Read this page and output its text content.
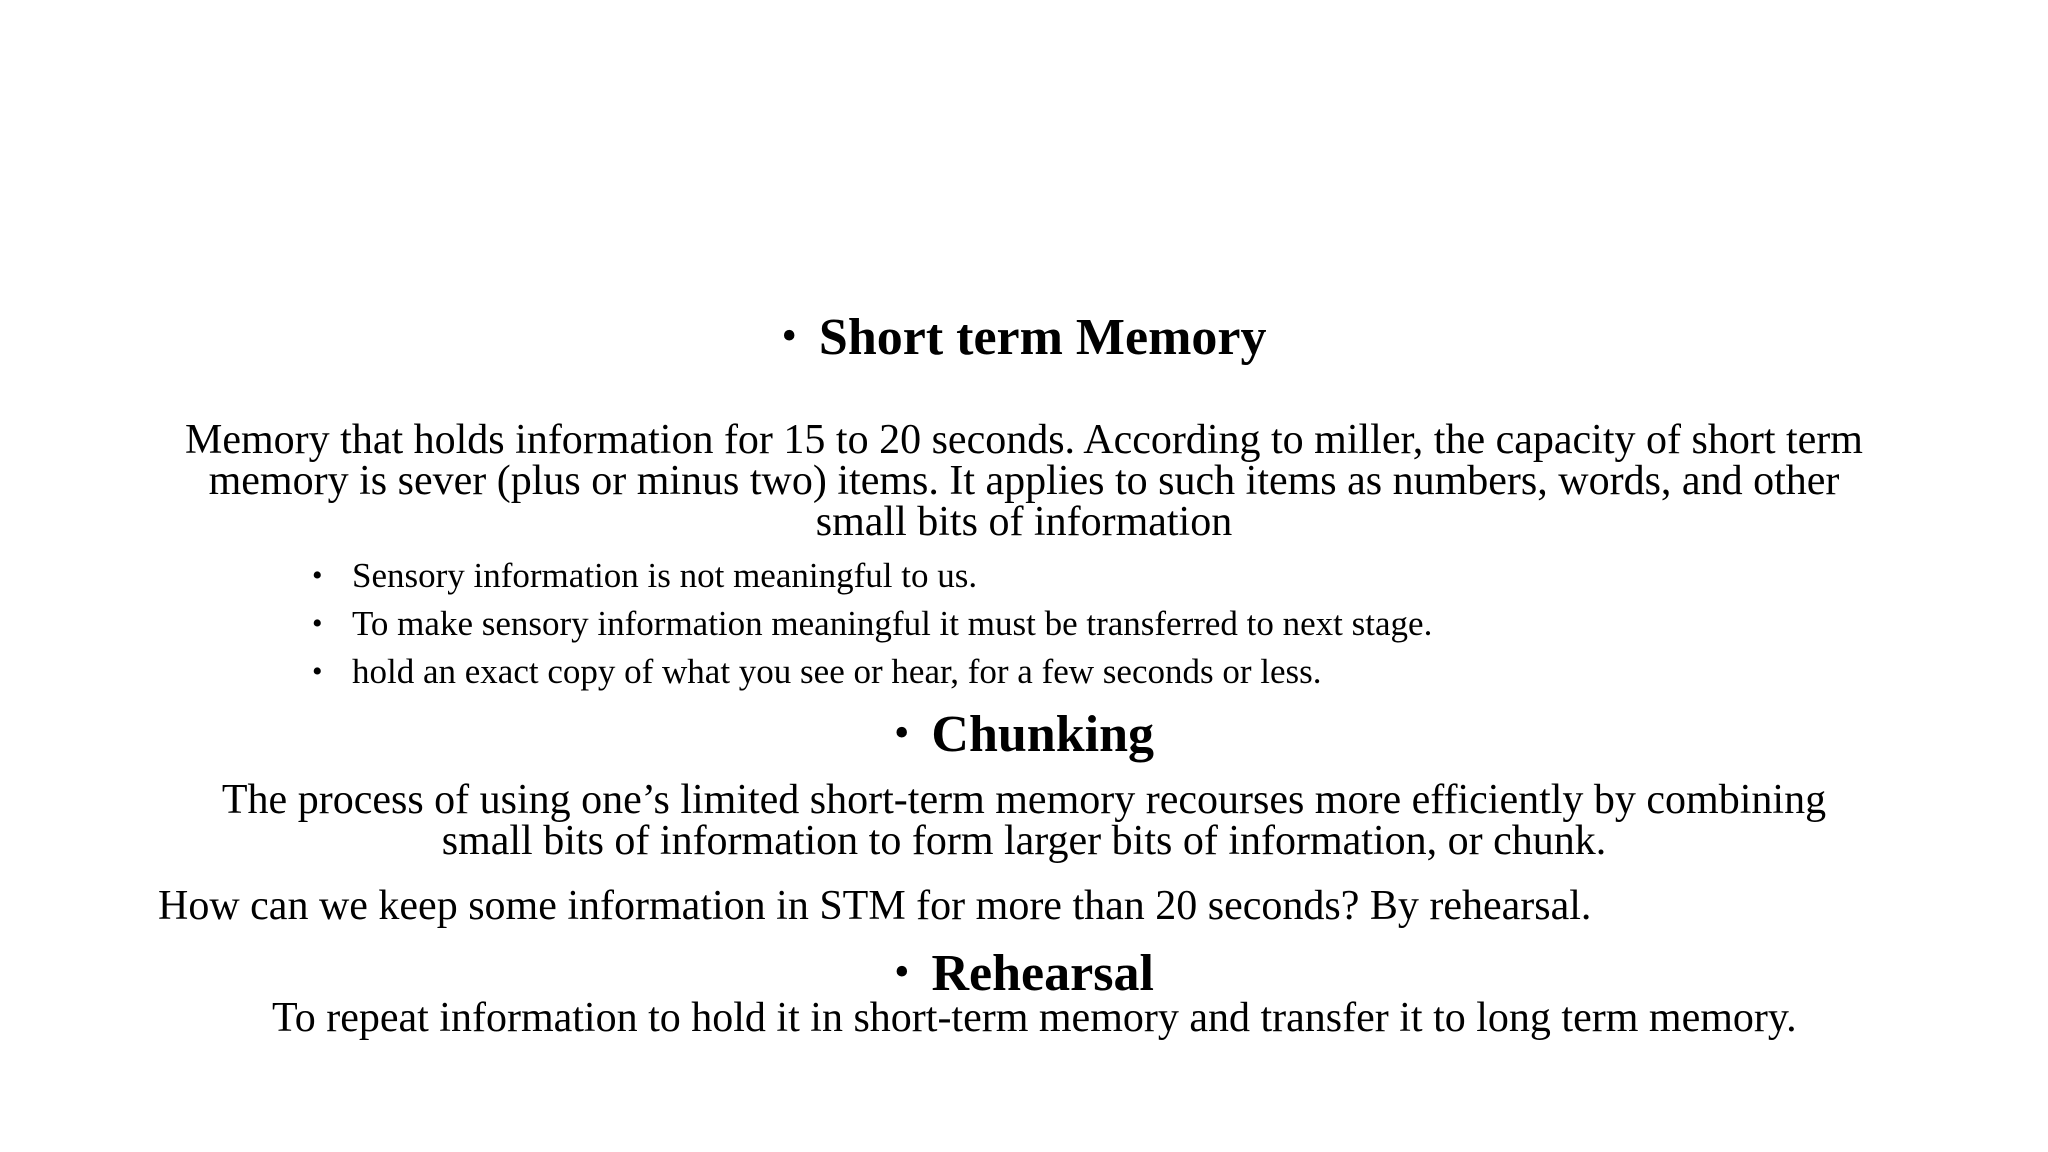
• Short term Memory
Memory that holds information for 15 to 20 seconds. According to miller, the capacity of short term
memory is sever (plus or minus two) items. It applies to such items as numbers, words, and other
small bits of information
• Sensory information is not meaningful to us.
• To make sensory information meaningful it must be transferred to next stage.
• hold an exact copy of what you see or hear, for a few seconds or less.
• Chunking
The process of using one’s limited short-term memory recourses more efficiently by combining
small bits of information to form larger bits of information, or chunk.
How can we keep some information in STM for more than 20 seconds? By rehearsal.
• Rehearsal
To repeat information to hold it in short-term memory and transfer it to long term memory.
